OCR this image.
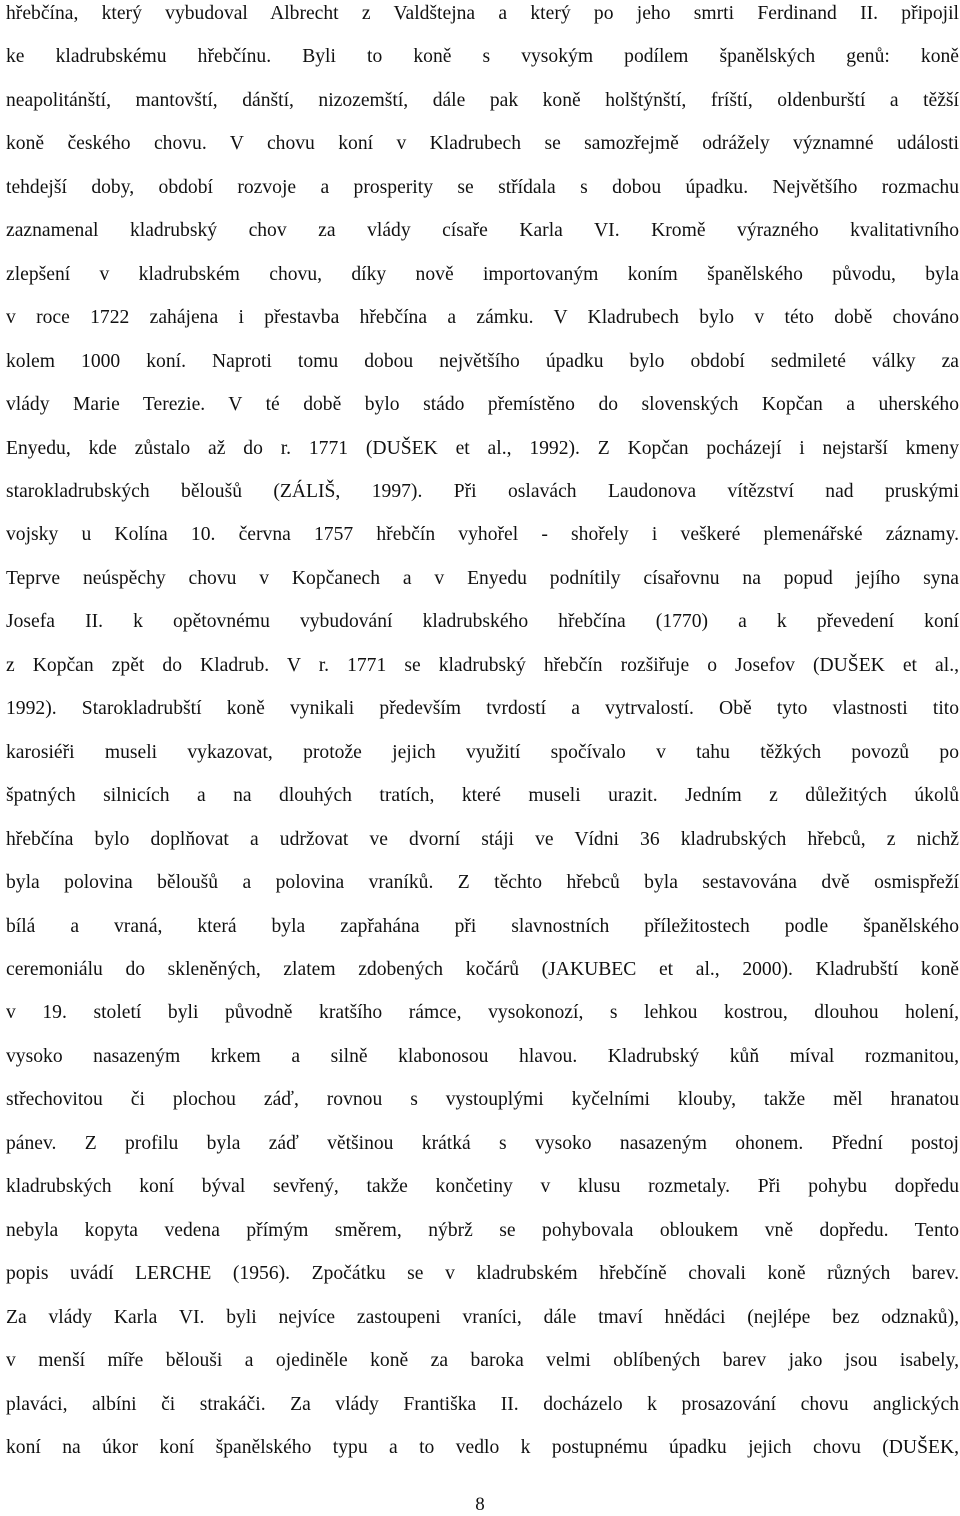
hřebčína, který vybudoval Albrecht z Valdštejna a který po jeho smrti Ferdinand II. připojil
ke kladrubskému hřebčínu. Byli to koně s vysokým podílem španělských genů: koně
neapolitánští, mantovští, dánští, nizozemští, dále pak koně holštýnští, fríští, oldenburští a těžší
koně českého chovu. V chovu koní v Kladrubech se samozřejmě odrážely významné události
tehdejší doby, období rozvoje a prosperity se střídala s dobou úpadku. Největšího rozmachu
zaznamenal kladrubský chov za vlády císaře Karla VI. Kromě výrazného kvalitativního
zlepšení v kladrubském chovu, díky nově importovaným koním španělského původu, byla
v roce 1722 zahájena i přestavba hřebčína a zámku. V Kladrubech bylo v této době chováno
kolem 1000 koní. Naproti tomu dobou největšího úpadku bylo období sedmileté války za
vlády Marie Terezie. V té době bylo stádo přemístěno do slovenských Kopčan a uherského
Enyedu, kde zůstalo až do r. 1771 (DUŠEK et al., 1992). Z Kopčan pocházejí i nejstarší kmeny
starokladrubských běloušů (ZÁLIŠ, 1997). Při oslavách Laudonova vítězství nad pruskými
vojsky u Kolína 10. června 1757 hřebčín vyhořel - shořely i veškeré plemenářské záznamy.
Teprve neúspěchy chovu v Kopčanech a v Enyedu podnítily císařovnu na popud jejího syna
Josefa II. k opětovnému vybudování kladrubského hřebčína (1770) a k převedení koní
z Kopčan zpět do Kladrub. V r. 1771 se kladrubský hřebčín rozšiřuje o Josefov (DUŠEK et al.,
1992). Starokladrubští koně vynikali především tvrdostí a vytrvalostí. Obě tyto vlastnosti tito
karosiéři museli vykazovat, protože jejich využití spočívalo v tahu těžkých povozů po
špatných silnicích a na dlouhých tratích, které museli urazit. Jedním z důležitých úkolů
hřebčína bylo doplňovat a udržovat ve dvorní stáji ve Vídni 36 kladrubských hřebců, z nichž
byla polovina běloušů a polovina vraníků. Z těchto hřebců byla sestavována dvě osmispřeží
bílá a vraná, která byla zapřahána při slavnostních příležitostech podle španělského
ceremoniálu do skleněných, zlatem zdobených kočárů (JAKUBEC et al., 2000). Kladrubští koně
v 19. století byli původně kratšího rámce, vysokonozí, s lehkou kostrou, dlouhou holení,
vysoko nasazeným krkem a silně klabonosou hlavou. Kladrubský kůň míval rozmanitou,
střechovitou či plochou záď, rovnou s vystouplými kyčelními klouby, takže měl hranatou
pánev. Z profilu byla záď většinou krátká s vysoko nasazeným ohonem. Přední postoj
kladrubských koní býval sevřený, takže končetiny v klusu rozmetaly. Při pohybu dopředu
nebyla kopyta vedena přímým směrem, nýbrž se pohybovala obloukem vně dopředu. Tento
popis uvádí LERCHE (1956). Zpočátku se v kladrubském hřebčíně chovali koně různých barev.
Za vlády Karla VI. byli nejvíce zastoupeni vraníci, dále tmaví hnědáci (nejlépe bez odznaků),
v menší míře bělouši a ojediněle koně za baroka velmi oblíbených barev jako jsou isabely,
plaváci, albíni či strakáči. Za vlády Františka II. docházelo k prosazování chovu anglických
koní na úkor koní španělského typu a to vedlo k postupnému úpadku jejich chovu (DUŠEK,

8
